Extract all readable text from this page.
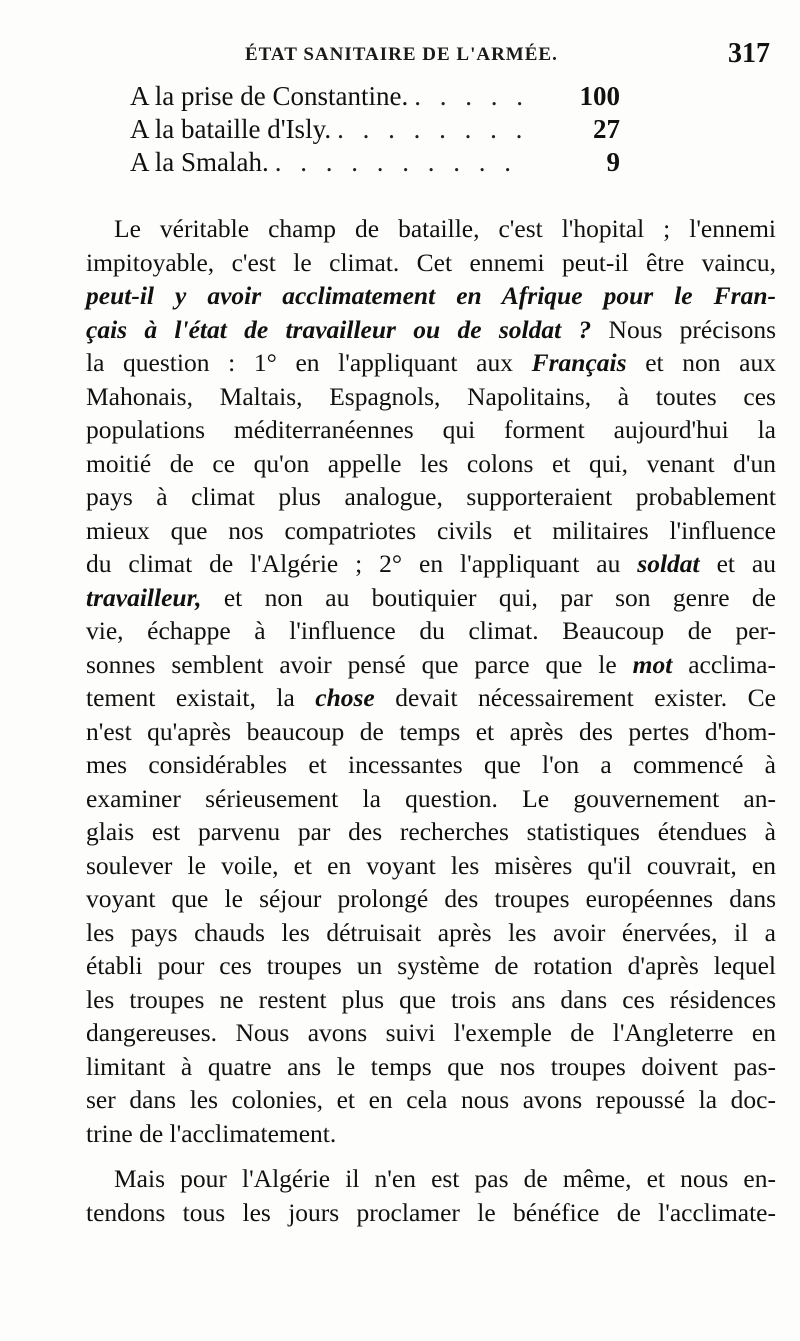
ÉTAT SANITAIRE DE L'ARMÉE.	317
A la prise de Constantine. . . . . .	100
A la bataille d'Isly. . . . . . . . .	27
A la Smalah. . . . . . . . . . .	9
Le véritable champ de bataille, c'est l'hopital ; l'ennemi
impitoyable, c'est le climat. Cet ennemi peut-il être vaincu,
peut-il y avoir acclimatement en Afrique pour le Fran-
çais à l'état de travailleur ou de soldat ? Nous précisons
la question : 1° en l'appliquant aux Français et non aux
Mahonais, Maltais, Espagnols, Napolitains, à toutes ces
populations méditerranéennes qui forment aujourd'hui la
moitié de ce qu'on appelle les colons et qui, venant d'un
pays à climat plus analogue, supporteraient probablement
mieux que nos compatriotes civils et militaires l'influence
du climat de l'Algérie ; 2° en l'appliquant au soldat et au
travailleur, et non au boutiquier qui, par son genre de
vie, échappe à l'influence du climat. Beaucoup de per-
sonnes semblent avoir pensé que parce que le mot acclima-
tement existait, la chose devait nécessairement exister. Ce
n'est qu'après beaucoup de temps et après des pertes d'hom-
mes considérables et incessantes que l'on a commencé à
examiner sérieusement la question. Le gouvernement an-
glais est parvenu par des recherches statistiques étendues à
soulever le voile, et en voyant les misères qu'il couvrait, en
voyant que le séjour prolongé des troupes européennes dans
les pays chauds les détruisait après les avoir énervées, il a
établi pour ces troupes un système de rotation d'après lequel
les troupes ne restent plus que trois ans dans ces résidences
dangereuses. Nous avons suivi l'exemple de l'Angleterre en
limitant à quatre ans le temps que nos troupes doivent pas-
ser dans les colonies, et en cela nous avons repoussé la doc-
trine de l'acclimatement.
Mais pour l'Algérie il n'en est pas de même, et nous en-
tendons tous les jours proclamer le bénéfice de l'acclimate-
